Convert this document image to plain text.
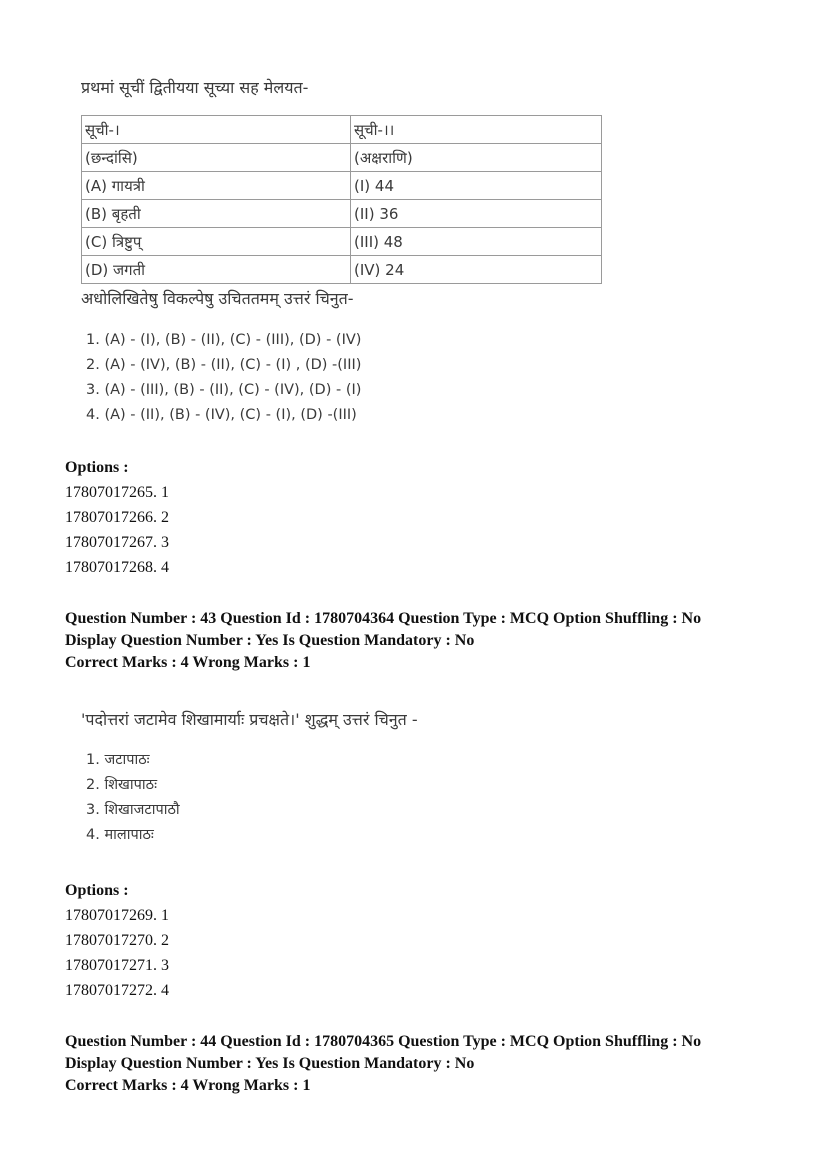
प्रथमां सूचीं द्वितीयया सूच्या सह मेलयत-
सूची-।	सूची-।।
(छन्दांसि)	(अक्षराणि)
(A) गायत्री	(I) 44
(B) बृहती	(II) 36
(C) त्रिष्टुप्	(III) 48
(D) जगती	(IV) 24
अधोलिखितेषु विकल्पेषु उचिततमम् उत्तरं चिनुत-
1. (A) - (I), (B) - (II), (C) - (III), (D) - (IV)
2. (A) - (IV), (B) - (II), (C) - (I) , (D) -(III)
3. (A) - (III), (B) - (II), (C) - (IV), (D) - (I)
4. (A) - (II), (B) - (IV), (C) - (I), (D) -(III)
Options :
17807017265. 1
17807017266. 2
17807017267. 3
17807017268. 4
Question Number : 43 Question Id : 1780704364 Question Type : MCQ Option Shuffling : No
Display Question Number : Yes Is Question Mandatory : No
Correct Marks : 4 Wrong Marks : 1
'पदोत्तरां जटामेव शिखामार्याः प्रचक्षते।' शुद्धम् उत्तरं चिनुत -
1. जटापाठः
2. शिखापाठः
3. शिखाजटापाठौ
4. मालापाठः
Options :
17807017269. 1
17807017270. 2
17807017271. 3
17807017272. 4
Question Number : 44 Question Id : 1780704365 Question Type : MCQ Option Shuffling : No
Display Question Number : Yes Is Question Mandatory : No
Correct Marks : 4 Wrong Marks : 1
